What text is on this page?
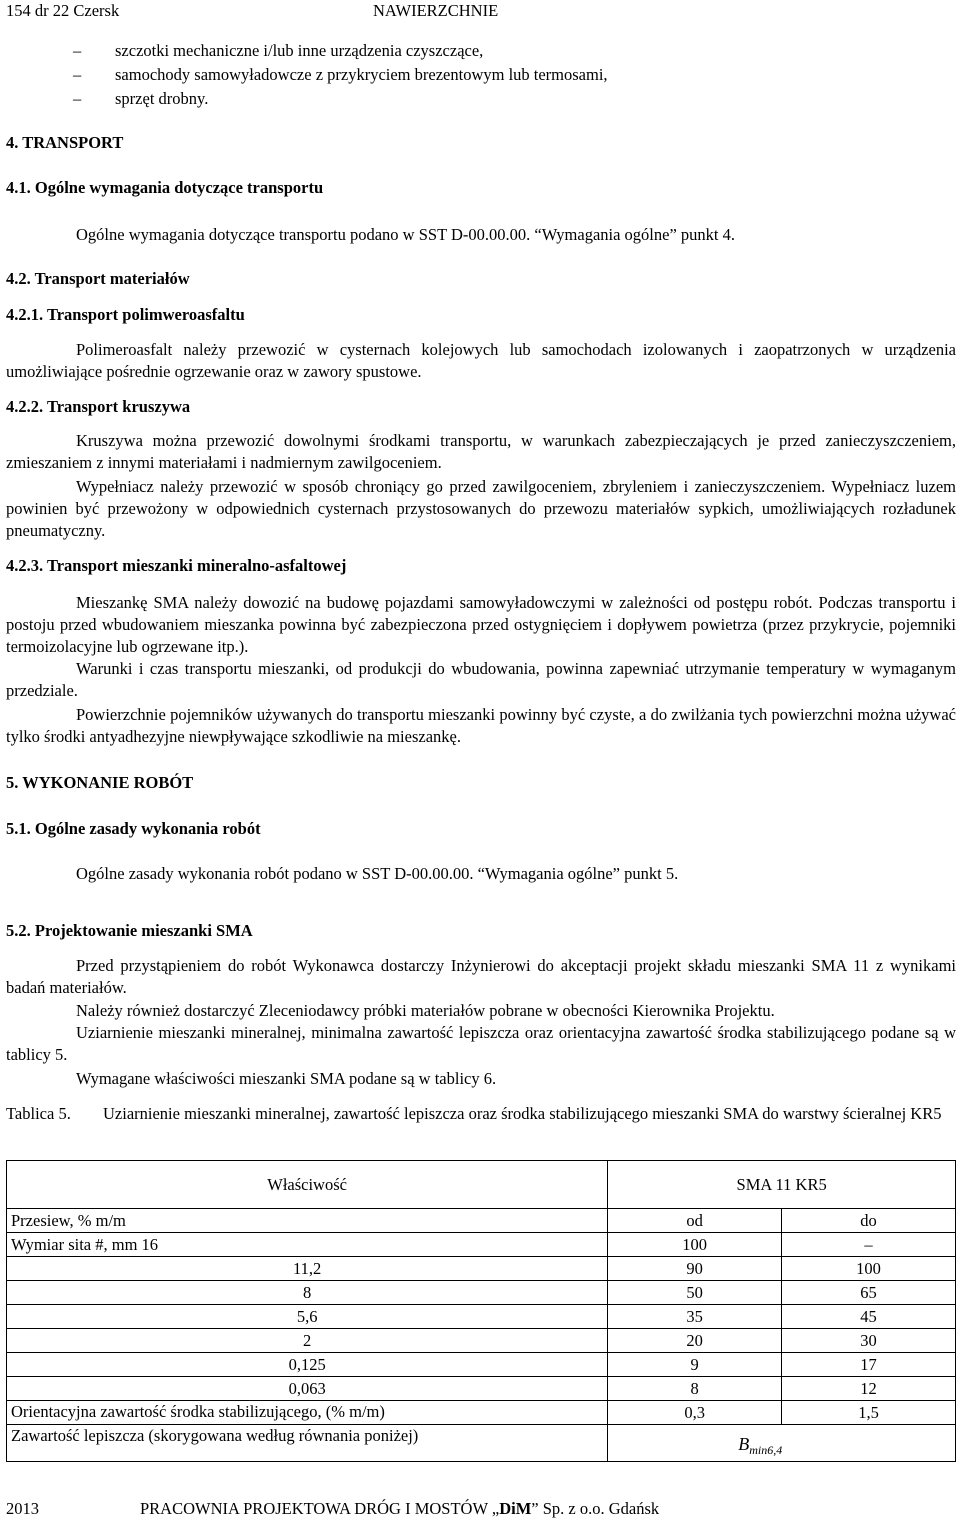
154 dr 22 Czersk	NAWIERZCHNIE
– szczotki mechaniczne i/lub inne urządzenia czyszczące,
– samochody samowyładowcze z przykryciem brezentowym lub termosami,
– sprzęt drobny.
4. TRANSPORT
4.1. Ogólne wymagania dotyczące transportu
Ogólne wymagania dotyczące transportu podano w SST D-00.00.00. “Wymagania ogólne” punkt 4.
4.2. Transport materiałów
4.2.1. Transport polimweroasfaltu
Polimeroasfalt należy przewozić w cysternach kolejowych lub samochodach izolowanych i zaopatrzonych w urządzenia umożliwiające pośrednie ogrzewanie oraz w zawory spustowe.
4.2.2. Transport kruszywa
Kruszywa można przewozić dowolnymi środkami transportu, w warunkach zabezpieczających je przed zanieczyszczeniem, zmieszaniem z innymi materiałami i nadmiernym zawilgoceniem.
Wypełniacz należy przewozić w sposób chroniący go przed zawilgoceniem, zbryleniem i zanieczyszczeniem. Wypełniacz luzem powinien być przewożony w odpowiednich cysternach przystosowanych do przewozu materiałów sypkich, umożliwiających rozładunek pneumatyczny.
4.2.3. Transport mieszanki mineralno-asfaltowej
Mieszankę SMA należy dowozić na budowę pojazdami samowyładowczymi w zależności od postępu robót. Podczas transportu i postoju przed wbudowaniem mieszanka powinna być zabezpieczona przed ostygnięciem i dopływem powietrza (przez przykrycie, pojemniki termoizolacyjne lub ogrzewane itp.).
Warunki i czas transportu mieszanki, od produkcji do wbudowania, powinna zapewniać utrzymanie temperatury w wymaganym przedziale.
Powierzchnie pojemników używanych do transportu mieszanki powinny być czyste, a do zwilżania tych powierzchni można używać tylko środki antyadhezyjne niewpływające szkodliwie na mieszankę.
5. WYKONANIE ROBÓT
5.1. Ogólne zasady wykonania robót
Ogólne zasady wykonania robót podano w SST D-00.00.00. “Wymagania ogólne” punkt 5.
5.2. Projektowanie mieszanki SMA
Przed przystąpieniem do robót Wykonawca dostarczy Inżynierowi do akceptacji projekt składu mieszanki SMA 11 z wynikami badań materiałów.
Należy również dostarczyć Zleceniodawcy próbki materiałów pobrane w obecności Kierownika Projektu.
Uziarnienie mieszanki mineralnej, minimalna zawartość lepiszcza oraz orientacyjna zawartość środka stabilizującego podane są w tablicy 5.
Wymagane właściwości mieszanki SMA podane są w tablicy 6.
Tablica 5. Uziarnienie mieszanki mineralnej, zawartość lepiszcza oraz środka stabilizującego mieszanki SMA do warstwy ścieralnej KR5
Właściwość	SMA 11 KR5	
Przesiew, % m/m	od	do
Wymiar sita #, mm 16	100	–
11,2	90	100
8	50	65
5,6	35	45
2	20	30
0,125	9	17
0,063	8	12
Orientacyjna zawartość środka stabilizującego, (% m/m)	0,3	1,5
Zawartość lepiszcza (skorygowana według równania poniżej)	$B_{min6,4}$
2013	PRACOWNIA PROJEKTOWA DRÓG I MOSTÓW „DiM” Sp. z o.o. Gdańsk
